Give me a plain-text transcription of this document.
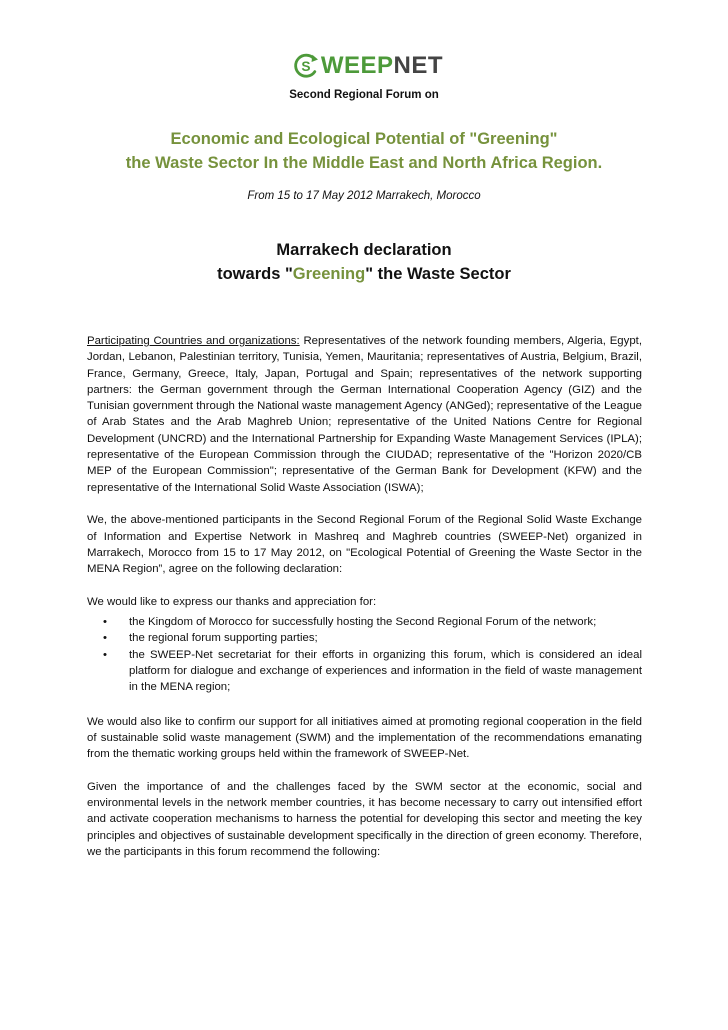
S WEEPNET
Second Regional Forum on
Economic and Ecological Potential of "Greening"
the Waste Sector In the Middle East and North Africa Region.
From 15 to 17 May 2012 Marrakech, Morocco
Marrakech declaration
towards "Greening" the Waste Sector

Participating Countries and organizations: Representatives of the network founding members, Algeria, Egypt, Jordan, Lebanon, Palestinian territory, Tunisia, Yemen, Mauritania; representatives of Austria, Belgium, Brazil, France, Germany, Greece, Italy, Japan, Portugal and Spain; representatives of the network supporting partners: the German government through the German International Cooperation Agency (GIZ) and the Tunisian government through the National waste management Agency (ANGed); representative of the League of Arab States and the Arab Maghreb Union; representative of the United Nations Centre for Regional Development (UNCRD) and the International Partnership for Expanding Waste Management Services (IPLA); representative of the European Commission through the CIUDAD; representative of the "Horizon 2020/CB MEP of the European Commission"; representative of the German Bank for Development (KFW) and the representative of the International Solid Waste Association (ISWA);

We, the above-mentioned participants in the Second Regional Forum of the Regional Solid Waste Exchange of Information and Expertise Network in Mashreq and Maghreb countries (SWEEP-Net) organized in Marrakech, Morocco from 15 to 17 May 2012, on "Ecological Potential of Greening the Waste Sector in the MENA Region”, agree on the following declaration:

We would like to express our thanks and appreciation for:

• the Kingdom of Morocco for successfully hosting the Second Regional Forum of the network;
• the regional forum supporting parties;
• the SWEEP-Net secretariat for their efforts in organizing this forum, which is considered an ideal platform for dialogue and exchange of experiences and information in the field of waste management in the MENA region;

We would also like to confirm our support for all initiatives aimed at promoting regional cooperation in the field of sustainable solid waste management (SWM) and the implementation of the recommendations emanating from the thematic working groups held within the framework of SWEEP-Net.

Given the importance of and the challenges faced by the SWM sector at the economic, social and environmental levels in the network member countries, it has become necessary to carry out intensified effort and activate cooperation mechanisms to harness the potential for developing this sector and meeting the key principles and objectives of sustainable development specifically in the direction of green economy. Therefore, we the participants in this forum recommend the following:
